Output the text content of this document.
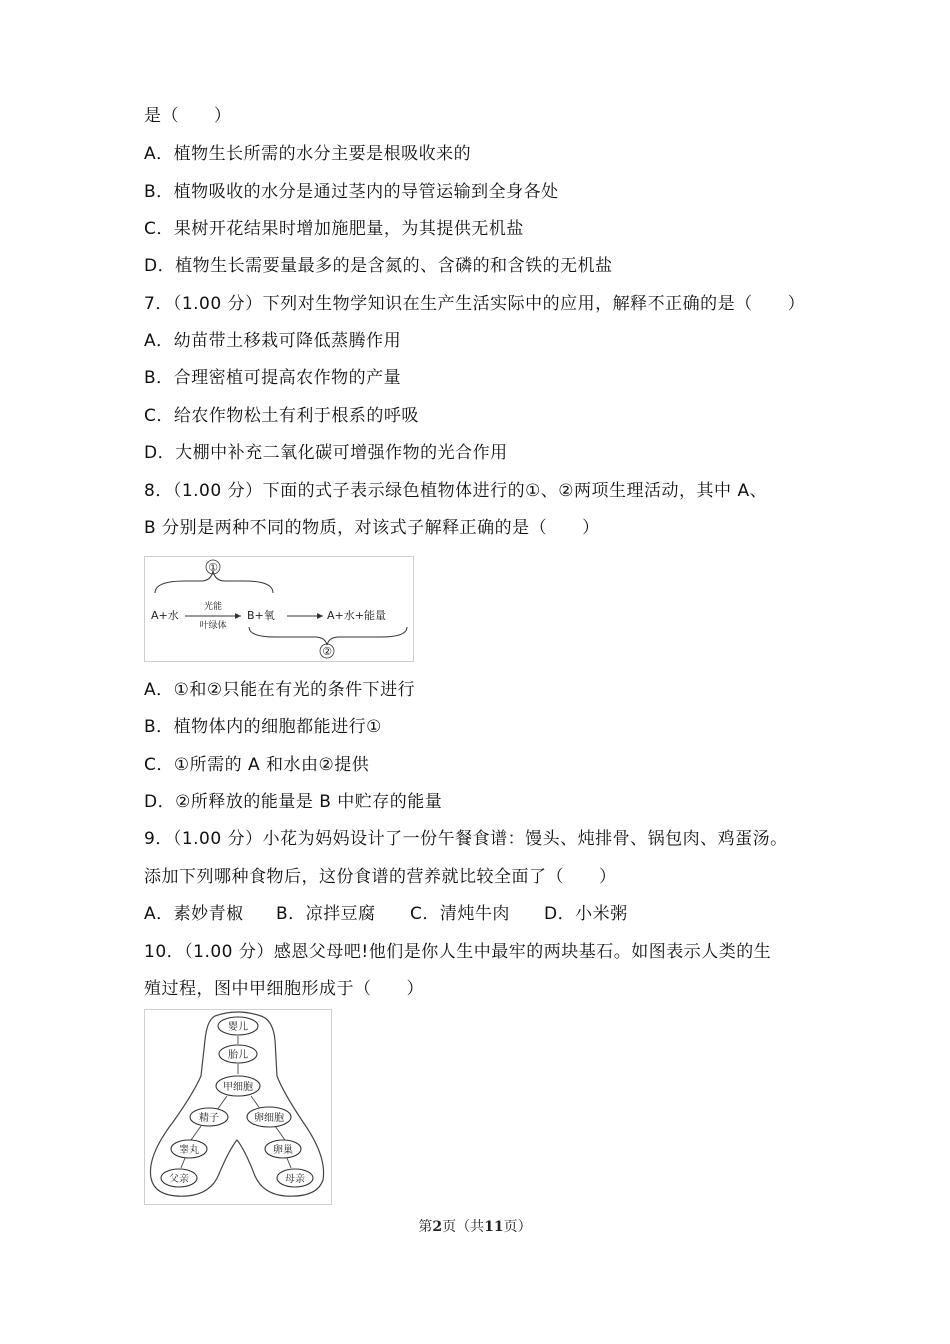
是（　　）
A．植物生长所需的水分主要是根吸收来的
B．植物吸收的水分是通过茎内的导管运输到全身各处
C．果树开花结果时增加施肥量，为其提供无机盐
D．植物生长需要量最多的是含氮的、含磷的和含铁的无机盐
7．（1.00 分）下列对生物学知识在生产生活实际中的应用，解释不正确的是（　　）
A．幼苗带土移栽可降低蒸腾作用
B．合理密植可提高农作物的产量
C．给农作物松土有利于根系的呼吸
D．大棚中补充二氧化碳可增强作物的光合作用
8．（1.00 分）下面的式子表示绿色植物体进行的①、②两项生理活动，其中 A、
B 分别是两种不同的物质，对该式子解释正确的是（　　）
①
A+水
光能
叶绿体
B+氧	A+水+能量
②
A．①和②只能在有光的条件下进行
B．植物体内的细胞都能进行①
C．①所需的 A 和水由②提供
D．②所释放的能量是 B 中贮存的能量
9．（1.00 分）小花为妈妈设计了一份午餐食谱：馒头、炖排骨、锅包肉、鸡蛋汤。
添加下列哪种食物后，这份食谱的营养就比较全面了（　　）
A．素妙青椒 B．凉拌豆腐 C．清炖牛肉 D．小米粥
10．（1.00 分）感恩父母吧!他们是你人生中最牢的两块基石。如图表示人类的生
殖过程，图中甲细胞形成于（　　）
婴儿
胎儿
甲细胞
精子	卵细胞
睾丸	卵巢
父亲	母亲
第2页（共11页）
